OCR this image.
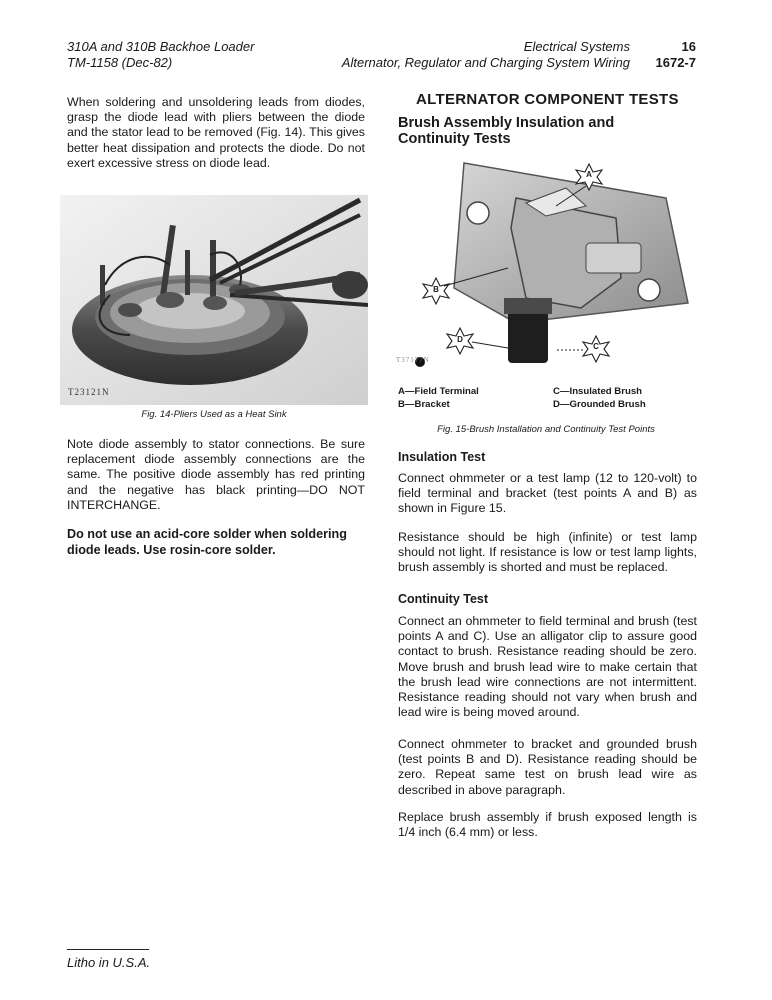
310A and 310B Backhoe Loader
TM-1158 (Dec-82)
Electrical Systems
Alternator, Regulator and Charging System Wiring
16
1672-7
When soldering and unsoldering leads from diodes, grasp the diode lead with pliers between the diode and the stator lead to be removed (Fig. 14). This gives better heat dissipation and protects the diode. Do not exert excessive stress on diode lead.
T23121N
Fig. 14-Pliers Used as a Heat Sink
Note diode assembly to stator connections. Be sure replacement diode assembly connections are the same. The positive diode assembly has red printing and the negative has black printing—DO NOT INTERCHANGE.
Do not use an acid-core solder when soldering diode leads. Use rosin-core solder.
ALTERNATOR COMPONENT TESTS
Brush Assembly Insulation and Continuity Tests
A
B
C
D
T37177N
A—Field Terminal	C—Insulated Brush
B—Bracket	D—Grounded Brush
Fig. 15-Brush Installation and Continuity Test Points
Insulation Test
Connect ohmmeter or a test lamp (12 to 120-volt) to field terminal and bracket (test points A and B) as shown in Figure 15.
Resistance should be high (infinite) or test lamp should not light. If resistance is low or test lamp lights, brush assembly is shorted and must be replaced.
Continuity Test
Connect an ohmmeter to field terminal and brush (test points A and C). Use an alligator clip to assure good contact to brush. Resistance reading should be zero. Move brush and brush lead wire to make certain that the brush lead wire connections are not intermittent. Resistance reading should not vary when brush and lead wire is being moved around.
Connect ohmmeter to bracket and grounded brush (test points B and D). Resistance reading should be zero. Repeat same test on brush lead wire as described in above paragraph.
Replace brush assembly if brush exposed length is 1/4 inch (6.4 mm) or less.
Litho in U.S.A.
